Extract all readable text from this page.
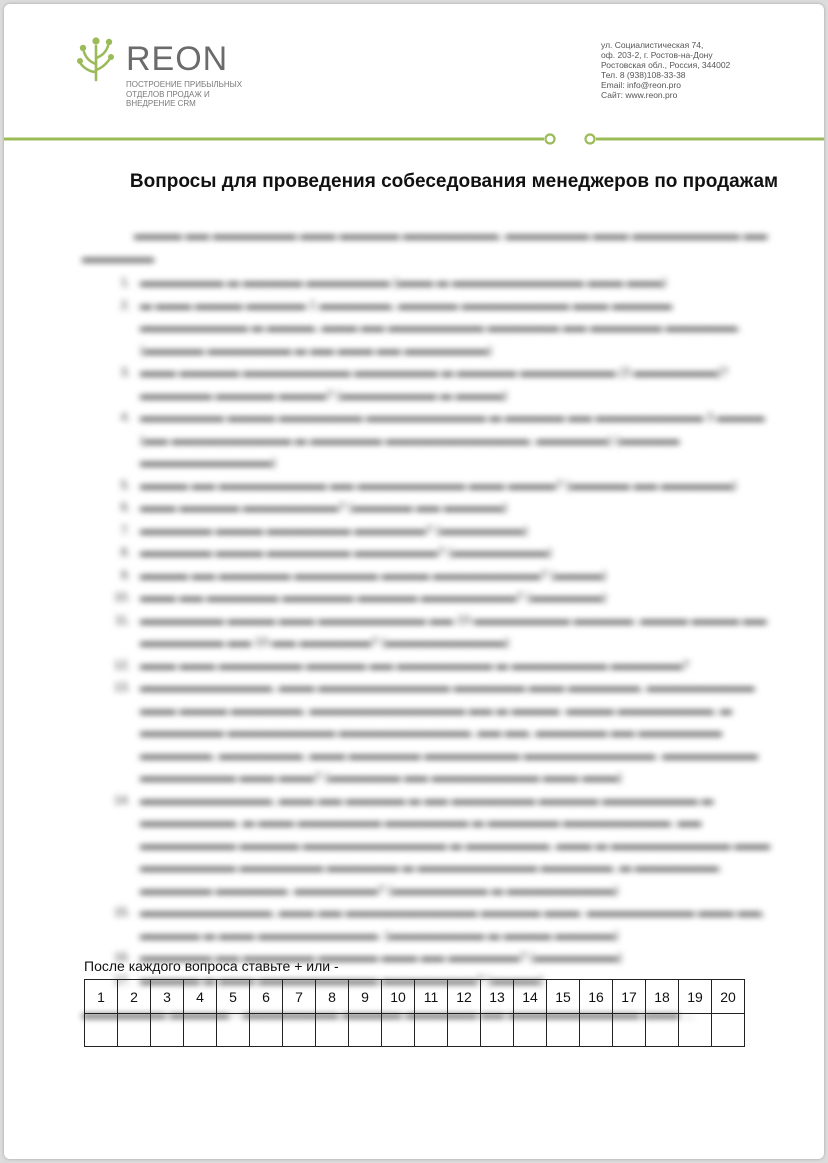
REON
ПОСТРОЕНИЕ ПРИБЫЛЬНЫХ
ОТДЕЛОВ ПРОДАЖ И
ВНЕДРЕНИЕ CRM
ул. Социалистическая 74,
оф. 203-2, г. Ростов-на-Дону
Ростовская обл., Россия, 344002
Тел. 8 (938)108-33-38
Email: info@reon.pro
Сайт: www.reon.pro
Вопросы для проведения собеседования менеджеров по продажам
▬▬▬▬ ▬▬ ▬▬▬▬▬▬▬ ▬▬▬ ▬▬▬▬▬ ▬▬▬▬▬▬▬▬, ▬▬▬▬▬▬▬ ▬▬▬ ▬▬▬▬▬▬▬▬▬ ▬▬
▬▬▬▬▬▬
1. ▬▬▬▬▬▬▬ ▬ ▬▬▬▬▬ ▬▬▬▬▬▬▬ (▬▬▬ ▬ ▬▬▬▬▬▬▬▬▬▬▬ ▬▬▬ ▬▬▬)
2. ▬ ▬▬▬ ▬▬▬▬ ▬▬▬▬▬ 1 ▬▬▬▬▬▬, ▬▬▬▬▬ ▬▬▬▬▬▬▬▬▬ ▬▬▬ ▬▬▬▬▬ ▬▬▬▬▬▬▬▬▬ ▬ ▬▬▬▬, ▬▬▬ ▬▬ ▬▬▬▬▬▬▬▬ ▬▬▬▬▬▬ ▬▬ ▬▬▬▬▬▬ ▬▬▬▬▬▬. (▬▬▬▬▬ ▬▬▬▬▬▬▬ ▬ ▬▬ ▬▬▬ ▬▬ ▬▬▬▬▬▬▬)
3. ▬▬▬ ▬▬▬▬▬ ▬▬▬▬▬▬▬▬▬ ▬▬▬▬▬▬▬ ▬ ▬▬▬▬▬ ▬▬▬▬▬▬▬▬ (3 ▬▬▬▬▬▬▬)? ▬▬▬▬▬▬ ▬▬▬▬▬ ▬▬▬▬? (▬▬▬▬▬▬▬▬ ▬ ▬▬▬▬)
4. ▬▬▬▬▬▬▬ ▬▬▬▬ ▬▬▬▬▬▬▬ ▬▬▬▬▬▬▬▬▬▬ ▬ ▬▬▬▬▬ ▬▬ ▬▬▬▬▬▬▬▬▬ 3 ▬▬▬▬ (▬▬ ▬▬▬▬▬▬▬▬▬▬ ▬ ▬▬▬▬▬▬ ▬▬▬▬▬▬▬▬▬▬▬▬, ▬▬▬▬▬▬) (▬▬▬▬▬ ▬▬▬▬▬▬▬▬▬▬▬)
5. ▬▬▬▬ ▬▬ ▬▬▬▬▬▬▬▬▬ ▬▬ ▬▬▬▬▬▬▬▬▬ ▬▬▬ ▬▬▬▬? (▬▬▬▬▬ ▬▬ ▬▬▬▬▬▬)
6. ▬▬▬ ▬▬▬▬▬ ▬▬▬▬▬▬▬▬? (▬▬▬▬▬ ▬▬ ▬▬▬▬▬)
7. ▬▬▬▬▬▬ ▬▬▬▬ ▬▬▬▬▬▬▬ ▬▬▬▬▬▬? (▬▬▬▬▬▬▬)
8. ▬▬▬▬▬▬ ▬▬▬▬ ▬▬▬▬▬▬▬ ▬▬▬▬▬▬▬? (▬▬▬▬▬▬▬▬)
9. ▬▬▬▬ ▬▬ ▬▬▬▬▬▬ ▬▬▬▬▬▬▬ ▬▬▬▬ ▬▬▬▬▬▬▬▬▬? (▬▬▬▬)
10. ▬▬▬ ▬▬ ▬▬▬▬▬▬ ▬▬▬▬▬▬ ▬▬▬▬▬ ▬▬▬▬▬▬▬▬? (▬▬▬▬▬▬)
11. ▬▬▬▬▬▬▬ ▬▬▬▬ ▬▬▬ ▬▬▬▬▬▬▬▬▬ ▬▬ 10-▬▬▬▬▬▬▬▬ ▬▬▬▬▬. ▬▬▬▬ ▬▬▬▬ ▬▬ ▬▬▬▬▬▬▬ ▬▬ 10-▬▬ ▬▬▬▬▬▬? (▬▬▬▬▬▬▬▬▬▬)
12. ▬▬▬ ▬▬▬ ▬▬▬▬▬▬▬ ▬▬▬▬▬ ▬▬ ▬▬▬▬▬▬▬▬ ▬ ▬▬▬▬▬▬▬▬ ▬▬▬▬▬▬?
13. ▬▬▬▬▬▬▬▬▬▬▬, ▬▬▬ ▬▬▬▬▬▬▬▬▬▬▬ ▬▬▬▬▬▬ ▬▬▬ ▬▬▬▬▬▬, ▬▬▬▬▬▬▬▬▬ ▬▬▬ ▬▬▬▬ ▬▬▬▬▬▬, ▬▬▬▬▬▬▬▬▬▬▬▬▬ ▬▬ ▬ ▬▬▬▬. ▬▬▬▬ ▬▬▬▬▬▬▬▬, ▬ ▬▬▬▬▬▬▬ ▬▬▬▬▬▬▬▬▬ ▬▬▬▬▬▬▬▬▬▬▬, ▬▬ ▬▬, ▬▬▬▬▬▬ ▬▬ ▬▬▬▬▬▬▬ ▬▬▬▬▬▬, ▬▬▬▬▬▬▬, ▬▬▬ ▬▬▬▬▬▬ ▬▬▬▬▬▬▬▬ ▬▬▬▬▬▬▬▬▬▬▬. ▬▬▬▬▬▬▬▬ ▬▬▬▬▬▬▬▬ ▬▬▬ ▬▬▬? (▬▬▬▬▬▬ ▬▬ ▬▬▬▬▬▬▬▬▬ ▬▬▬ ▬▬▬)
14. ▬▬▬▬▬▬▬▬▬▬▬, ▬▬▬ ▬▬ ▬▬▬▬▬ ▬ ▬▬ ▬▬▬▬▬▬▬ ▬▬▬▬▬ ▬▬▬▬▬▬▬▬ ▬ ▬▬▬▬▬▬▬▬, ▬ ▬▬▬ ▬▬▬▬▬▬▬ ▬▬▬▬▬▬▬ ▬ ▬▬▬▬▬▬ ▬▬▬▬▬▬▬▬▬. ▬▬ ▬▬▬▬▬▬▬▬ ▬▬▬▬▬ ▬▬▬▬▬▬▬▬▬▬▬▬ ▬ ▬▬▬▬▬▬▬, ▬▬▬ ▬ ▬▬▬▬▬▬▬▬▬▬ ▬▬▬ ▬▬▬▬▬▬▬▬ ▬▬▬▬▬▬▬ ▬▬▬▬▬▬ ▬ ▬▬▬▬▬▬▬▬▬▬ ▬▬▬▬▬▬, ▬ ▬▬▬▬▬▬▬. ▬▬▬▬▬▬ ▬▬▬▬▬▬. ▬▬▬▬▬▬▬? (▬▬▬▬▬▬▬▬ ▬ ▬▬▬▬▬▬▬▬▬)
15. ▬▬▬▬▬▬▬▬▬▬▬, ▬▬▬ ▬▬ ▬▬▬▬▬▬▬▬▬▬▬ ▬▬▬▬▬ ▬▬▬. ▬▬▬▬▬▬▬▬▬ ▬▬▬ ▬▬, ▬▬▬▬▬ ▬ ▬▬▬ ▬▬▬▬▬▬▬▬▬▬. (▬▬▬▬▬▬▬▬ ▬ ▬▬▬▬ ▬▬▬▬▬)
16. ▬▬▬▬▬▬ ▬▬ ▬▬▬▬▬▬ ▬▬▬▬▬ ▬▬▬ ▬▬ ▬▬▬▬▬▬? (▬▬▬▬▬▬▬)
17. ▬▬▬▬▬ ▬ ▬▬▬ ▬▬▬▬▬▬▬▬▬▬ ▬▬▬▬▬▬▬▬? (▬▬▬▬)
▬▬▬▬▬▬▬ ▬▬▬▬▬ – ▬▬▬▬▬▬▬▬ ▬▬▬▬▬ ▬▬▬▬▬▬ ▬▬ ▬▬▬▬▬▬▬▬▬▬▬ ▬▬▬ …
После каждого вопроса ставьте + или -
1	2	3	4	5	6	7	8	9	10	11	12	13	14	15	16	17	18	19	20
